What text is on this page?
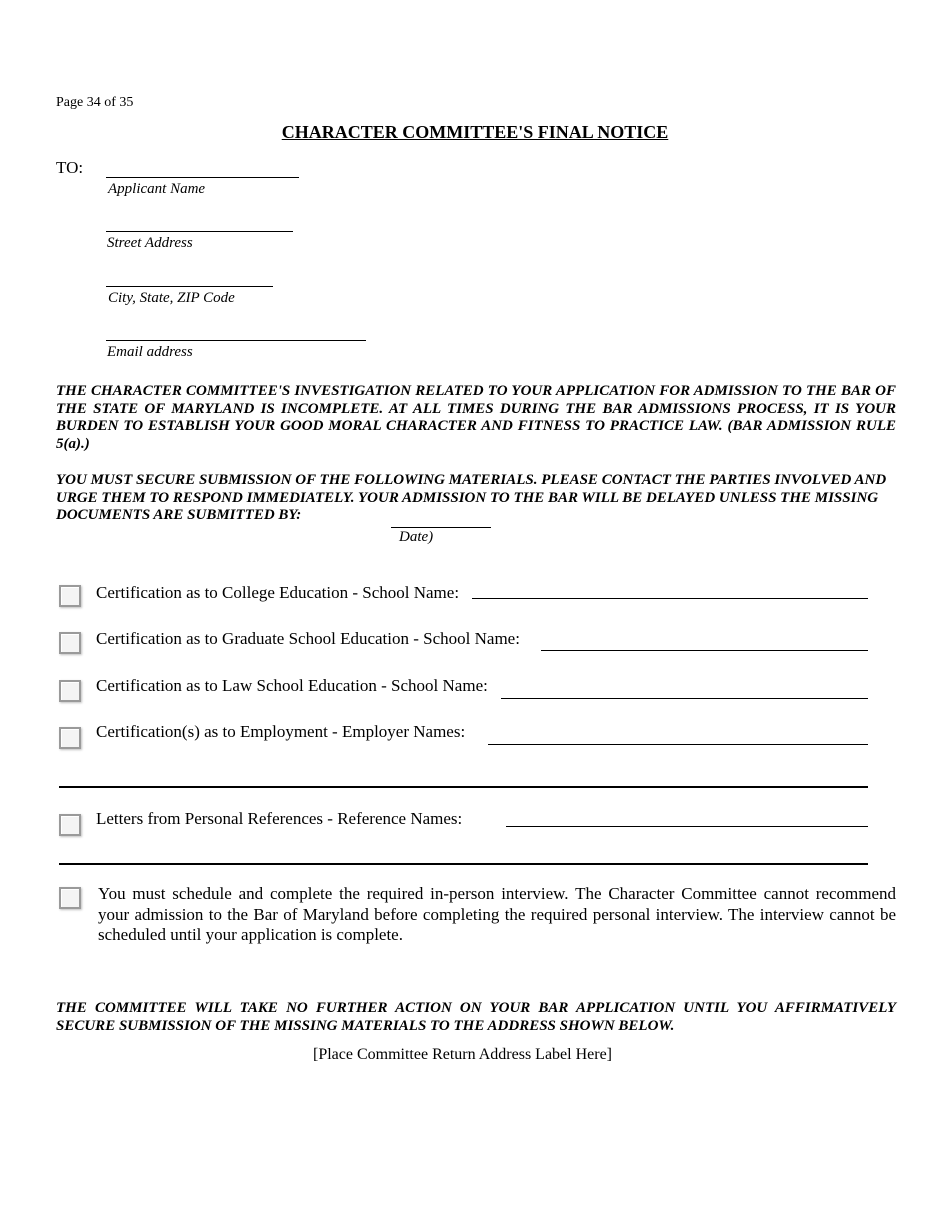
Page 34 of 35
CHARACTER COMMITTEE'S FINAL NOTICE
TO:
Applicant Name
Street Address
City, State, ZIP Code
Email address
THE CHARACTER COMMITTEE'S INVESTIGATION RELATED TO YOUR APPLICATION FOR ADMISSION TO THE BAR OF THE STATE OF MARYLAND IS INCOMPLETE. AT ALL TIMES DURING THE BAR ADMISSIONS PROCESS, IT IS YOUR BURDEN TO ESTABLISH YOUR GOOD MORAL CHARACTER AND FITNESS TO PRACTICE LAW. (BAR ADMISSION RULE 5(a).)
YOU MUST SECURE SUBMISSION OF THE FOLLOWING MATERIALS. PLEASE CONTACT THE PARTIES INVOLVED AND URGE THEM TO RESPOND IMMEDIATELY. YOUR ADMISSION TO THE BAR WILL BE DELAYED UNLESS THE MISSING DOCUMENTS ARE SUBMITTED BY:
Date)
Certification as to College Education - School Name:
Certification as to Graduate School Education - School Name:
Certification as to Law School Education - School Name:
Certification(s) as to Employment - Employer Names:
Letters from Personal References - Reference Names:
You must schedule and complete the required in-person interview. The Character Committee cannot recommend your admission to the Bar of Maryland before completing the required personal interview. The interview cannot be scheduled until your application is complete.
THE COMMITTEE WILL TAKE NO FURTHER ACTION ON YOUR BAR APPLICATION UNTIL YOU AFFIRMATIVELY SECURE SUBMISSION OF THE MISSING MATERIALS TO THE ADDRESS SHOWN BELOW.
[Place Committee Return Address Label Here]
